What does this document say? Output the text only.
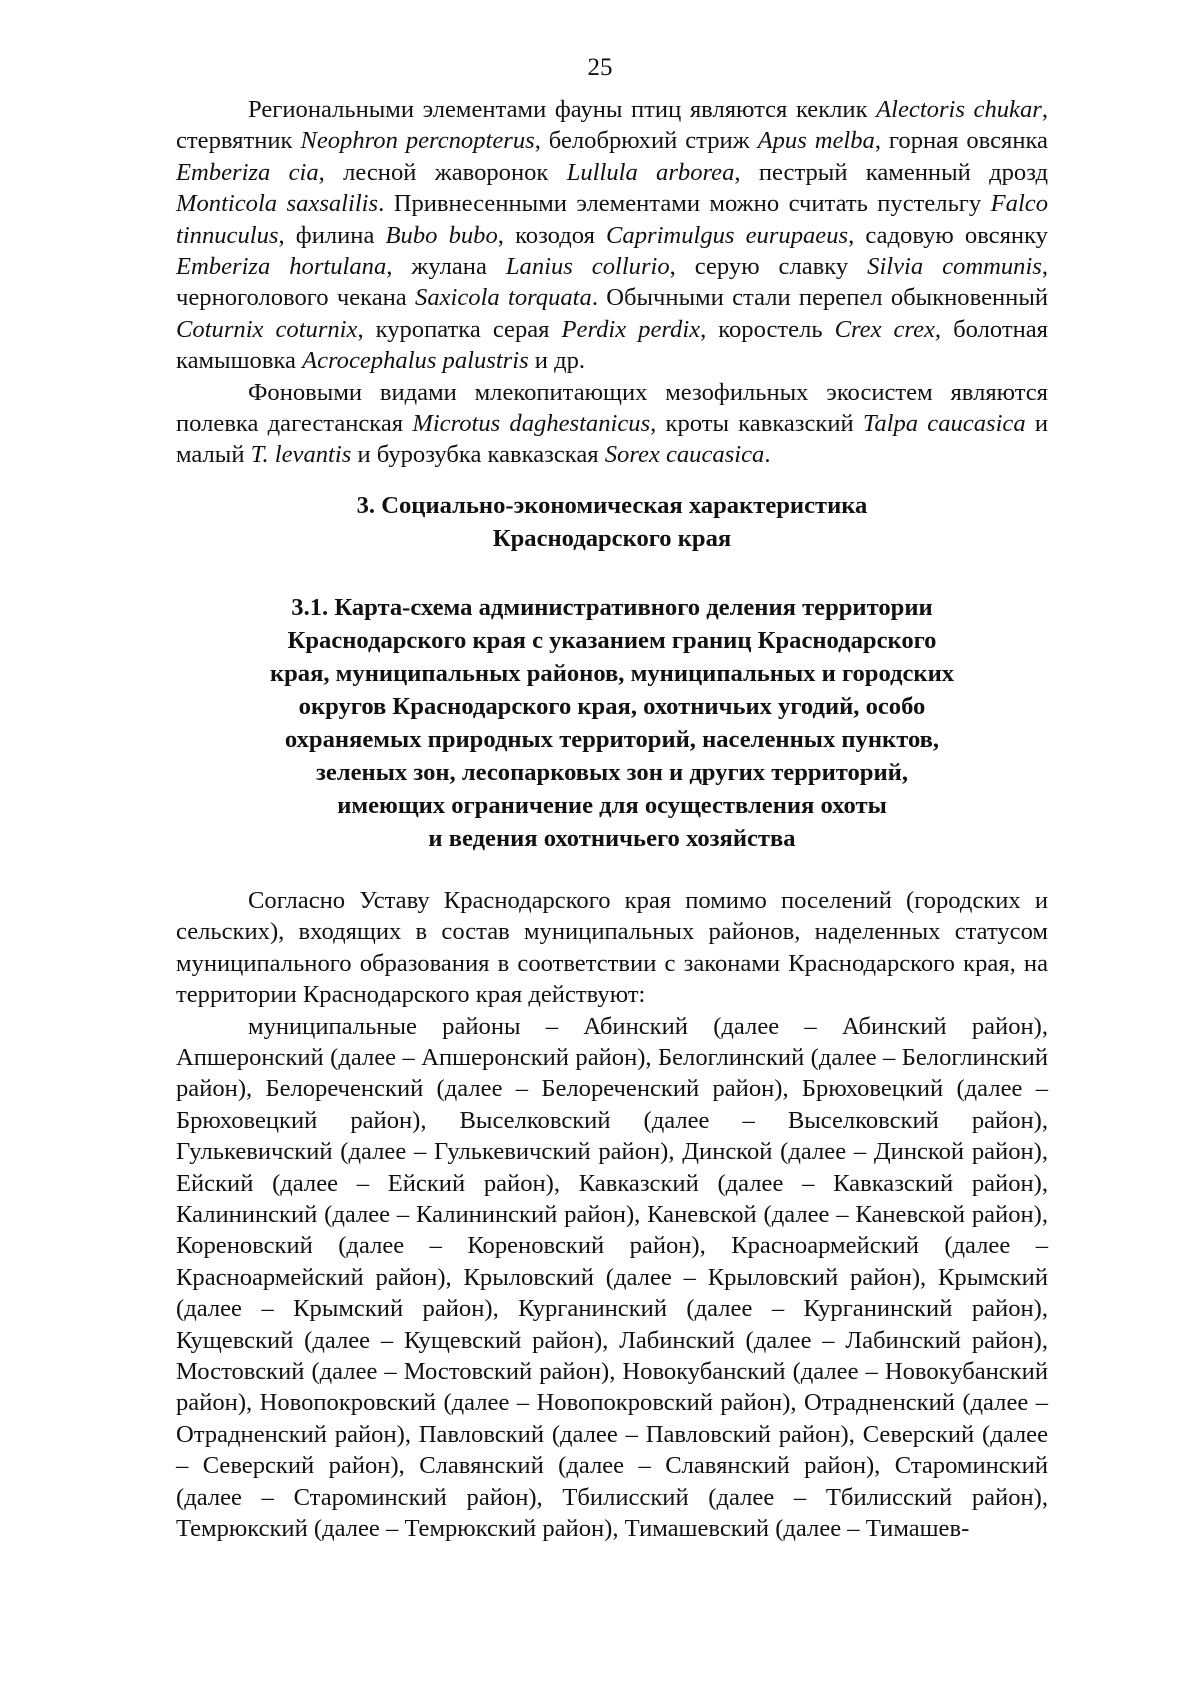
25

Региональными элементами фауны птиц являются кеклик Alectoris chukar, стервятник Neophron percnopterus, белобрюхий стриж Apus melba, горная овсянка Emberiza cia, лесной жаворонок Lullula arborea, пестрый каменный дрозд Monticola saxsalilis. Привнесенными элементами можно считать пустельгу Falco tinnuculus, филина Bubo bubo, козодоя Caprimulgus eurupaeus, садовую овсянку Emberiza hortulana, жулана Lanius collurio, серую славку Silvia communis, черноголового чекана Saxicola torquata. Обычными стали перепел обыкновенный Coturnix coturnix, куропатка серая Perdix perdix, коростель Crex crex, болотная камышовка Acrocephalus palustris и др.

Фоновыми видами млекопитающих мезофильных экосистем являются полевка дагестанская Microtus daghestanicus, кроты кавказский Talpa caucasica и малый T. levantis и бурозубка кавказская Sorex caucasica.

3. Социально-экономическая характеристика
Краснодарского края
3.1. Карта-схема административного деления территории
Краснодарского края с указанием границ Краснодарского
края, муниципальных районов, муниципальных и городских
округов Краснодарского края, охотничьих угодий, особо
охраняемых природных территорий, населенных пунктов,
зеленых зон, лесопарковых зон и других территорий,
имеющих ограничение для осуществления охоты
и ведения охотничьего хозяйства

Согласно Уставу Краснодарского края помимо поселений (городских и сельских), входящих в состав муниципальных районов, наделенных статусом муниципального образования в соответствии с законами Краснодарского края, на территории Краснодарского края действуют:

муниципальные районы – Абинский (далее – Абинский район), Апшеронский (далее – Апшеронский район), Белоглинский (далее – Белоглинский район), Белореченский (далее – Белореченский район), Брюховецкий (далее – Брюховецкий район), Выселковский (далее – Выселковский район), Гулькевичский (далее – Гулькевичский район), Динской (далее – Динской район), Ейский (далее – Ейский район), Кавказский (далее – Кавказский район), Калининский (далее – Калининский район), Каневской (далее – Каневской район), Кореновский (далее – Кореновский район), Красноармейский (далее – Красноармейский район), Крыловский (далее – Крыловский район), Крымский (далее – Крымский район), Курганинский (далее – Курганинский район), Кущевский (далее – Кущевский район), Лабинский (далее – Лабинский район), Мостовский (далее – Мостовский район), Новокубанский (далее – Новокубанский район), Новопокровский (далее – Новопокровский район), Отрадненский (далее – Отрадненский район), Павловский (далее – Павловский район), Северский (далее – Северский район), Славянский (далее – Славянский район), Староминский (далее – Староминский район), Тбилисский (далее – Тбилисский район), Темрюкский (далее – Темрюкский район), Тимашевский (далее – Тимашев-
